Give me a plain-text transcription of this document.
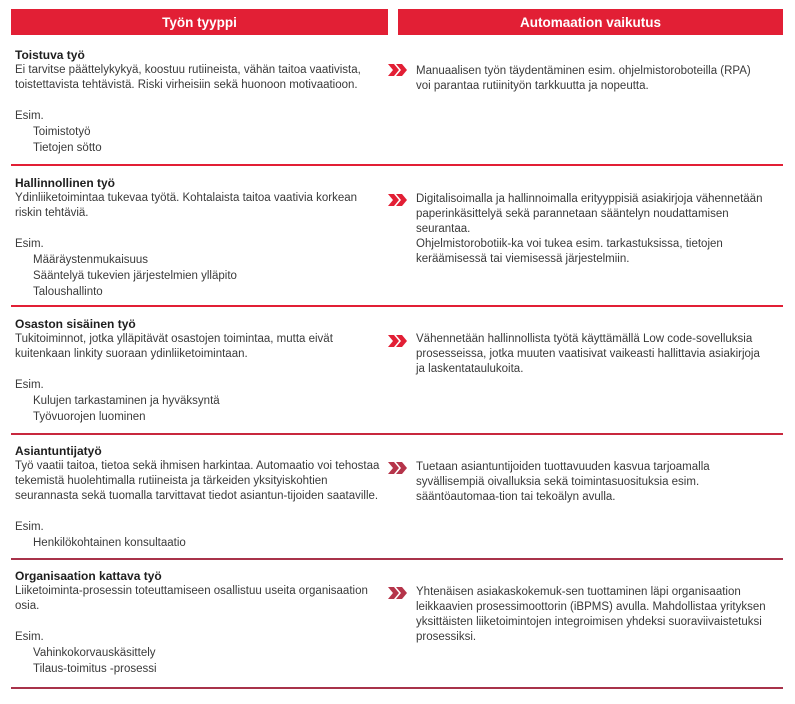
Työn tyyppi	Automaation vaikutus
Toistuva työ
Ei tarvitse päättelykykyä, koostuu rutiineista, vähän taitoa vaativista, toistettavista tehtävistä. Riski virheisiin sekä huonoon motivaatioon.
Esim.
Toimistotyö
Tietojen sötto
Manuaalisen työn täydentäminen esim. ohjelmistoroboteilla (RPA) voi parantaa rutiinityön tarkkuutta ja nopeutta.
Hallinnollinen työ
Ydinliiketoimintaa tukevaa työtä. Kohtalaista taitoa vaativia korkean riskin tehtäviä.
Esim.
Määräystenmukaisuus
Sääntelyä tukevien järjestelmien ylläpito
Taloushallinto
Digitalisoimalla ja hallinnoimalla erityyppisiä asiakirjoja vähennetään paperinkäsittelyä sekä parannetaan sääntelyn noudattamisen seurantaa.
Ohjelmistorobotiik-ka voi tukea esim. tarkastuksissa, tietojen keräämisessä tai viemisessä järjestelmiin.
Osaston sisäinen työ
Tukitoiminnot, jotka ylläpitävät osastojen toimintaa, mutta eivät kuitenkaan linkity suoraan ydinliiketoimintaan.
Esim.
Kulujen tarkastaminen ja hyväksyntä
Työvuorojen luominen
Vähennetään hallinnollista työtä käyttämällä Low code-sovelluksia prosesseissa, jotka muuten vaatisivat vaikeasti hallittavia asiakirjoja ja laskentataulukoita.
Asiantuntijatyö
Työ vaatii taitoa, tietoa sekä ihmisen harkintaa. Automaatio voi tehostaa tekemistä huolehtimalla rutiineista ja tärkeiden yksityiskohtien seurannasta sekä tuomalla tarvittavat tiedot asiantun-tijoiden saataville.
Esim.
Henkilökohtainen konsultaatio
Tuetaan asiantuntijoiden tuottavuuden kasvua tarjoamalla syvällisempiä oivalluksia sekä toimintasuosituksia esim. sääntöautomaa-tion tai tekoälyn avulla.
Organisaation kattava työ
Liiketoiminta-prosessin toteuttamiseen osallistuu useita organisaation osia.
Esim.
Vahinkokorvauskäsittely
Tilaus-toimitus -prosessi
Yhtenäisen asiakaskokemuk-sen tuottaminen läpi organisaation leikkaavien prosessimoottorin (iBPMS) avulla. Mahdollistaa yrityksen yksittäisten liiketoimintojen integroimisen yhdeksi suoraviivaistetuksi prosessiksi.
